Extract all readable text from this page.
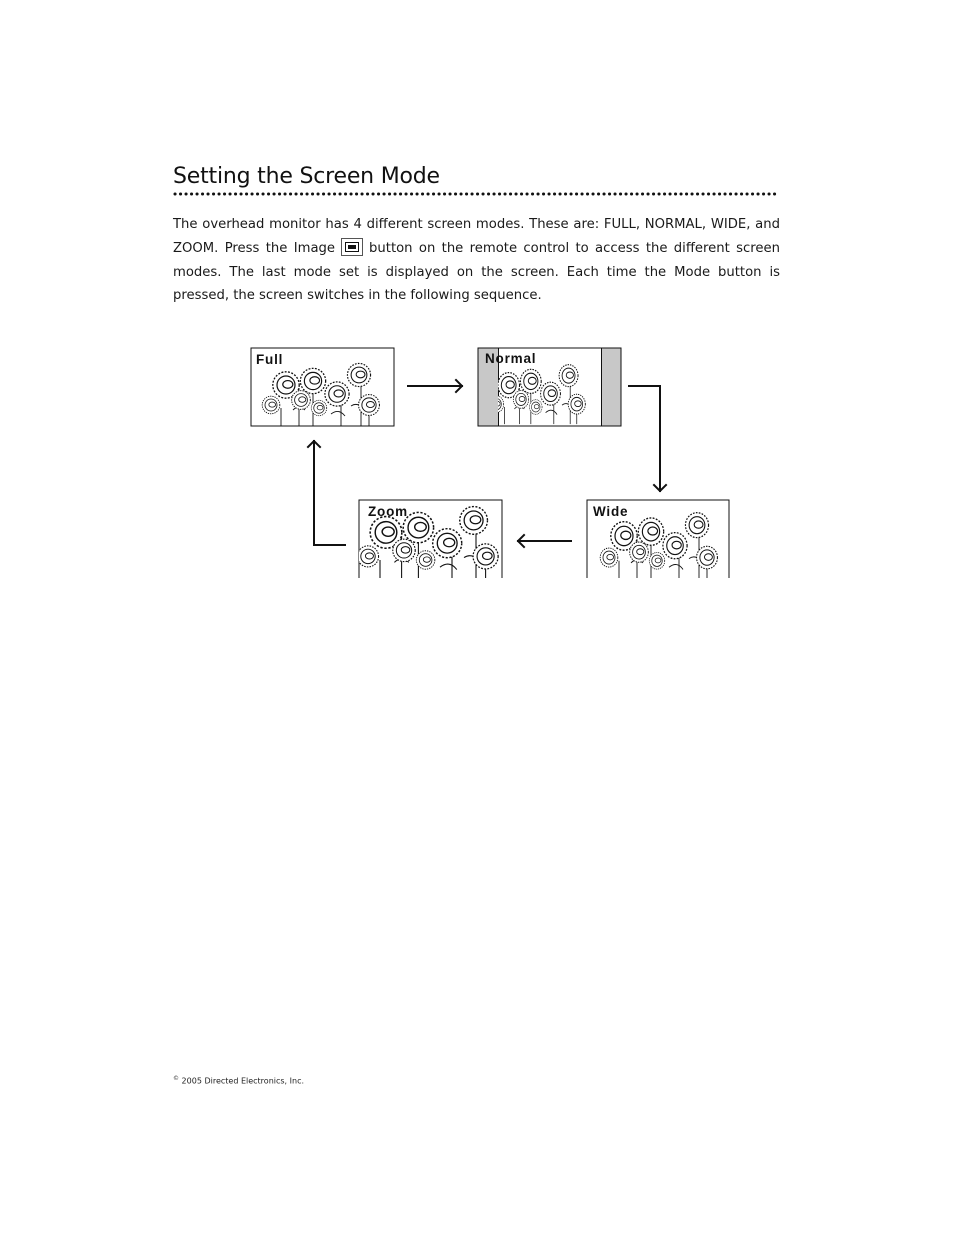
Setting the Screen Mode

The overhead monitor has 4 different screen modes. These are: FULL, NORMAL, WIDE, and ZOOM. Press the Image	button on the remote control to access the different screen modes. The last mode set is displayed on the screen. Each time the Mode button is pressed, the screen switches in the following sequence.

Full	Normal
Wide
Zoom

© 2005 Directed Electronics, Inc.
